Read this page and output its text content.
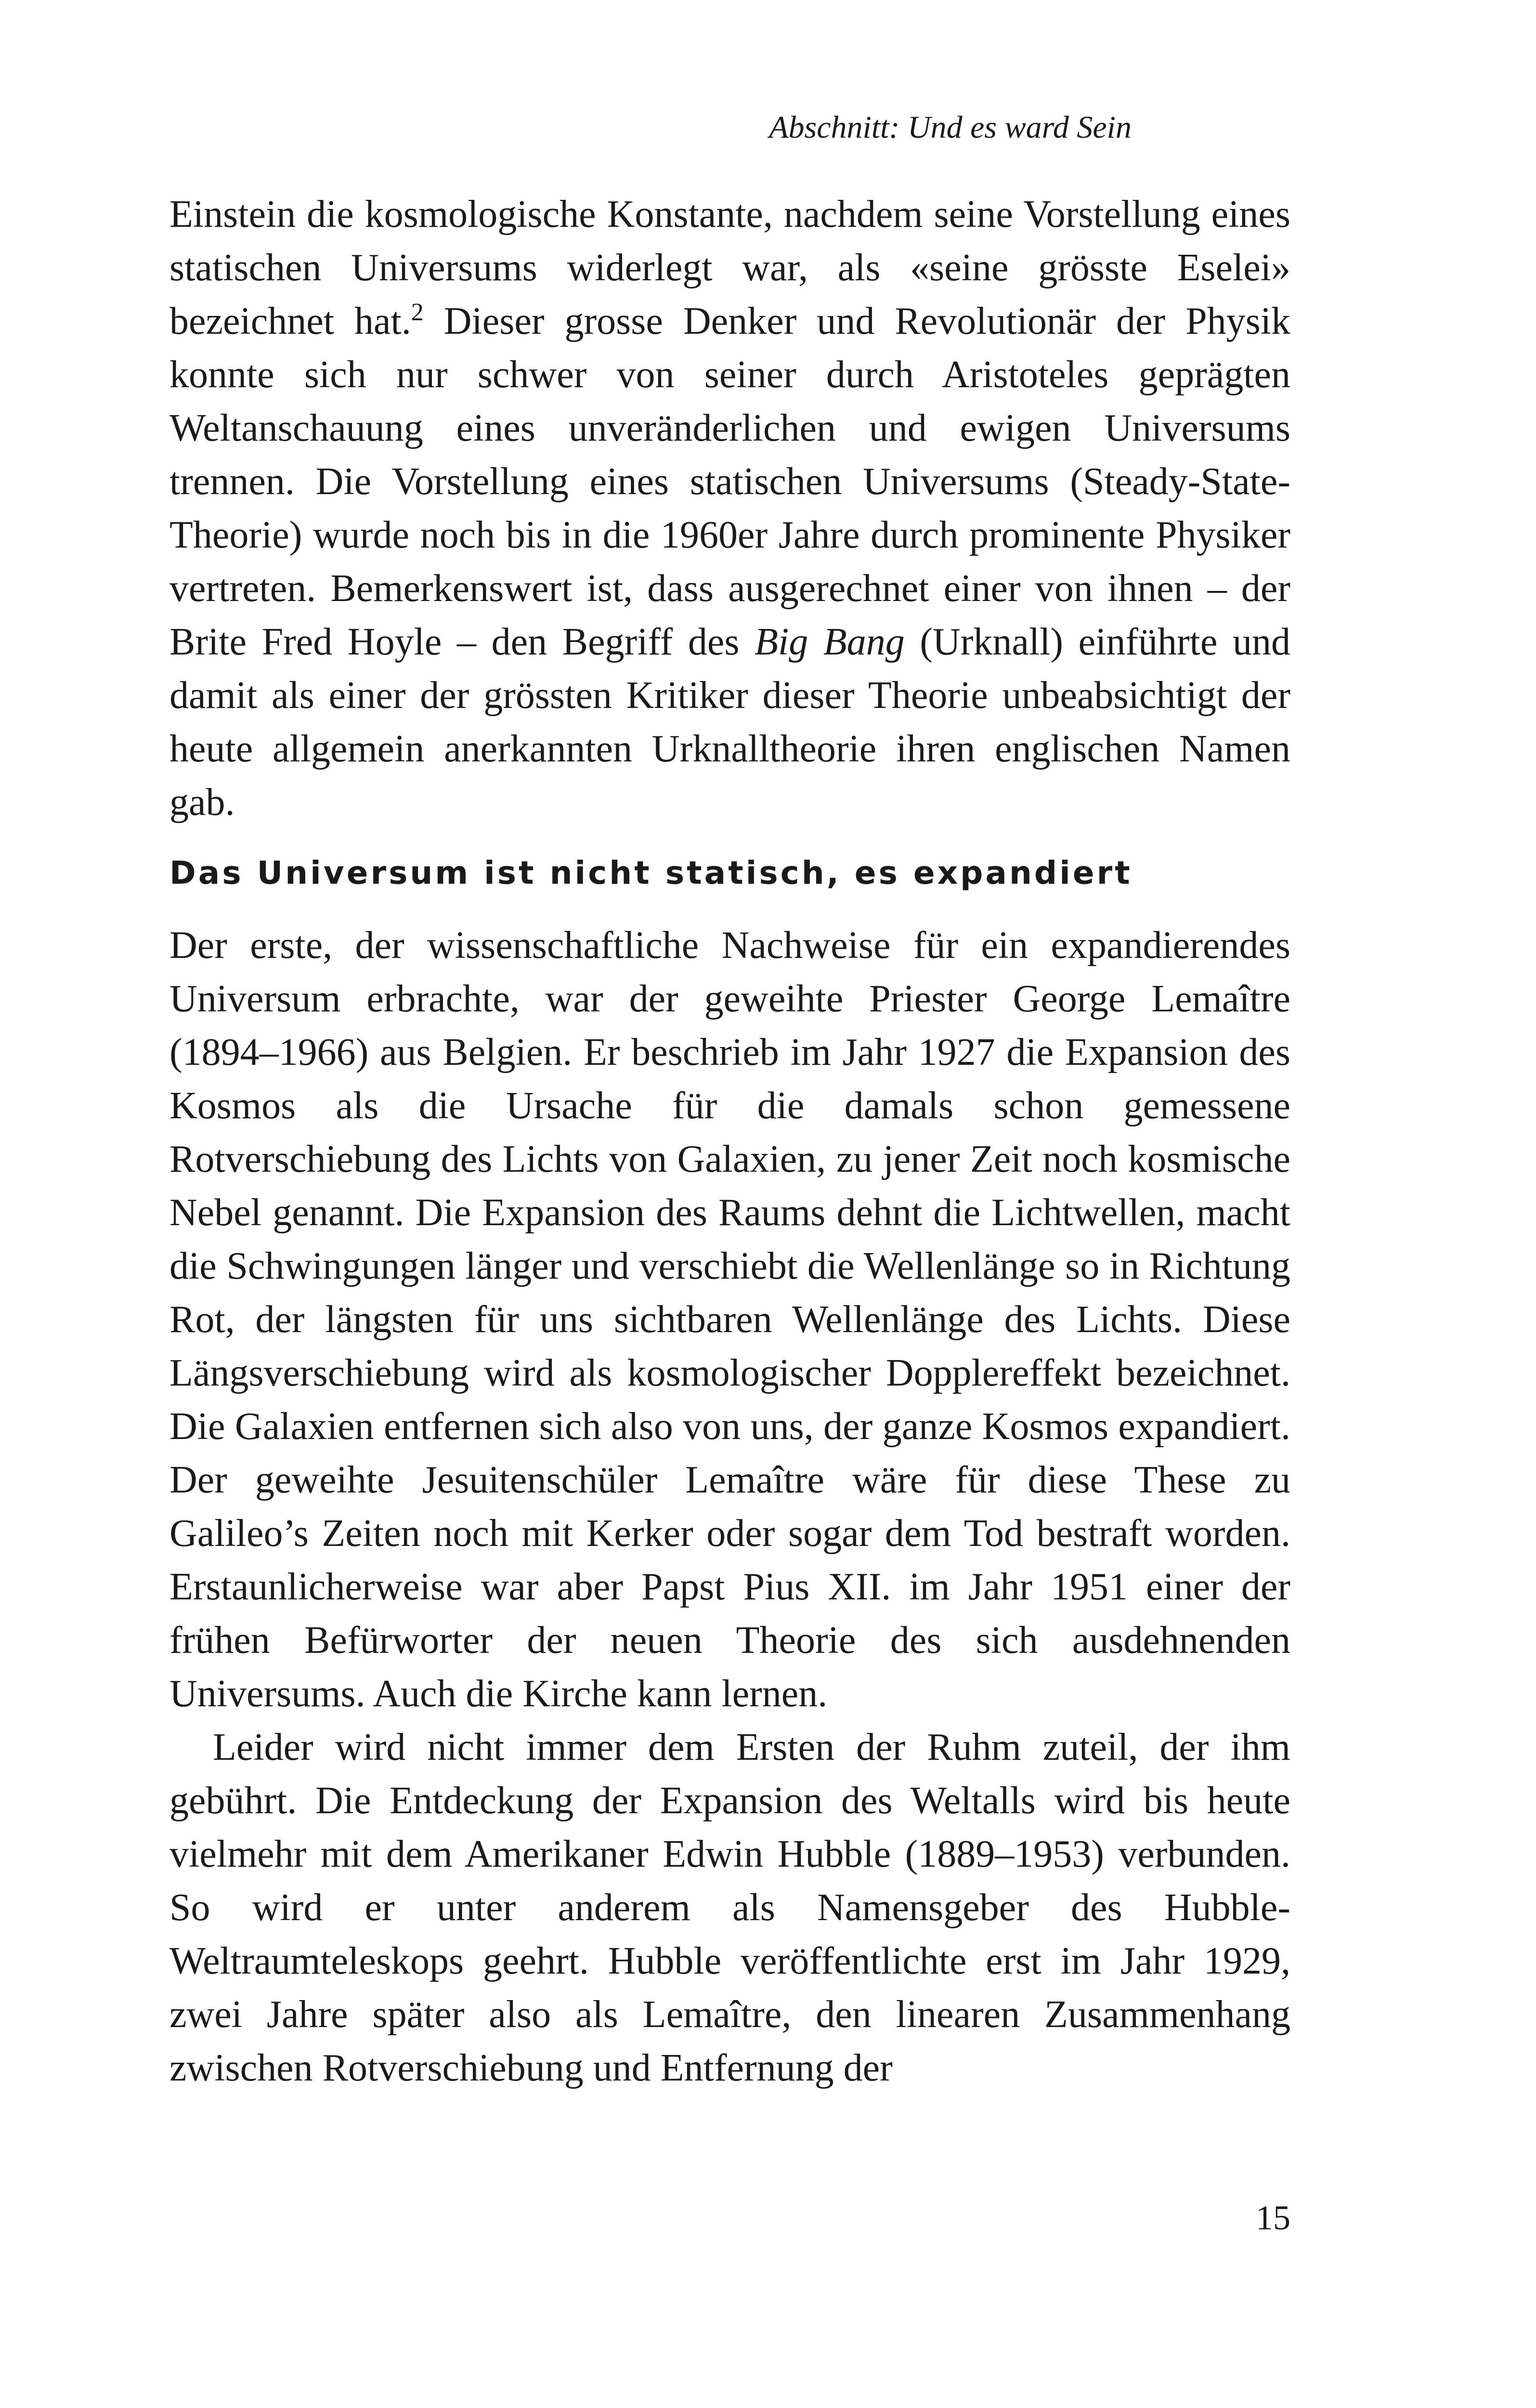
Abschnitt: Und es ward Sein

Einstein die kosmologische Konstante, nachdem seine Vorstellung eines statischen Universums widerlegt war, als «seine grösste Eselei» bezeichnet hat.$^2$ Dieser grosse Denker und Revolutionär der Physik konnte sich nur schwer von seiner durch Aristoteles geprägten Weltanschauung eines unveränderlichen und ewigen Universums trennen. Die Vorstellung eines statischen Universums (Steady-State-Theorie) wurde noch bis in die 1960er Jahre durch prominente Physiker vertreten. Bemerkenswert ist, dass ausgerechnet einer von ihnen – der Brite Fred Hoyle – den Begriff des Big Bang (Urknall) einführte und damit als einer der grössten Kritiker dieser Theorie unbeabsichtigt der heute allgemein anerkannten Urknalltheorie ihren englischen Namen gab.

Das Universum ist nicht statisch, es expandiert

Der erste, der wissenschaftliche Nachweise für ein expandierendes Universum erbrachte, war der geweihte Priester George Lemaître (1894–1966) aus Belgien. Er beschrieb im Jahr 1927 die Expansion des Kosmos als die Ursache für die damals schon gemessene Rotverschiebung des Lichts von Galaxien, zu jener Zeit noch kosmische Nebel genannt. Die Expansion des Raums dehnt die Lichtwellen, macht die Schwingungen länger und verschiebt die Wellenlänge so in Richtung Rot, der längsten für uns sichtbaren Wellenlänge des Lichts. Diese Längsverschiebung wird als kosmologischer Dopplereffekt bezeichnet. Die Galaxien entfernen sich also von uns, der ganze Kosmos expandiert. Der geweihte Jesuitenschüler Lemaître wäre für diese These zu Galileo’s Zeiten noch mit Kerker oder sogar dem Tod bestraft worden. Erstaunlicherweise war aber Papst Pius XII. im Jahr 1951 einer der frühen Befürworter der neuen Theorie des sich ausdehnenden Universums. Auch die Kirche kann lernen.

Leider wird nicht immer dem Ersten der Ruhm zuteil, der ihm gebührt. Die Entdeckung der Expansion des Weltalls wird bis heute vielmehr mit dem Amerikaner Edwin Hubble (1889–1953) verbunden. So wird er unter anderem als Namensgeber des Hubble-Weltraumteleskops geehrt. Hubble veröffentlichte erst im Jahr 1929, zwei Jahre später also als Lemaître, den linearen Zusammenhang zwischen Rotverschiebung und Entfernung der

15
